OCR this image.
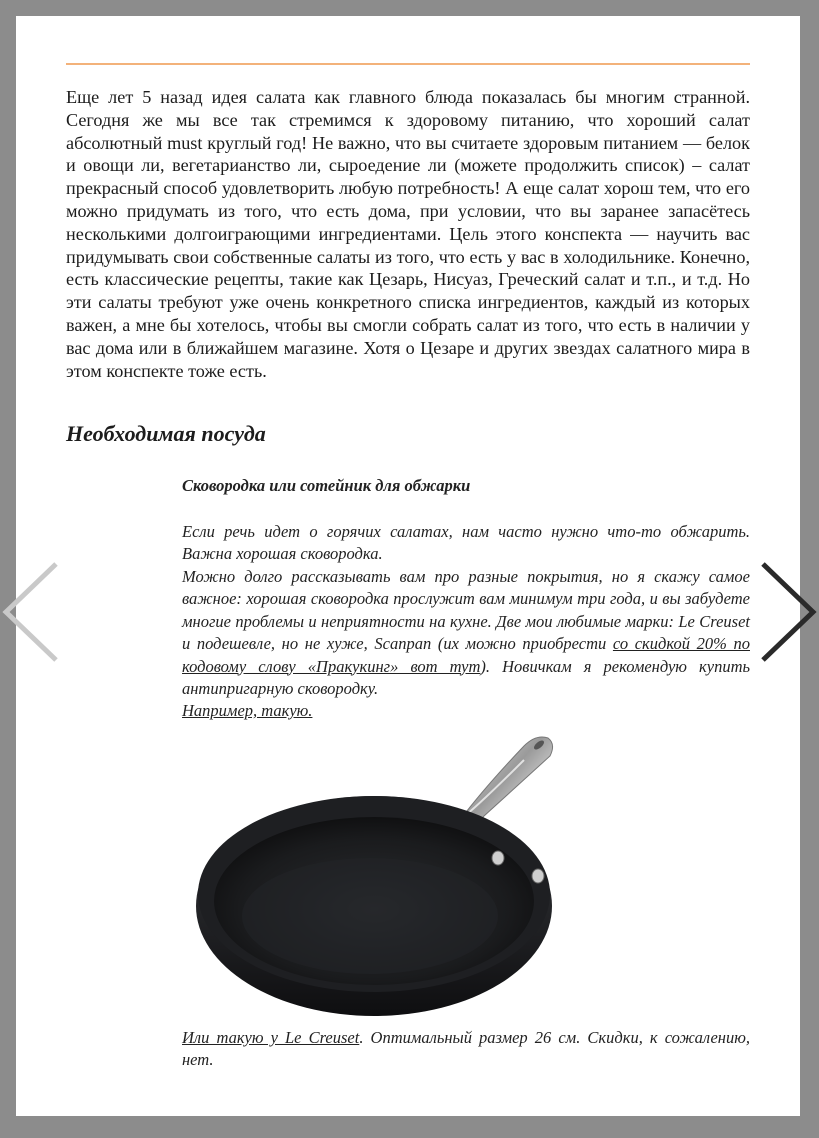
Еще лет 5 назад идея салата как главного блюда показалась бы многим странной. Сегодня же мы все так стремимся к здоровому питанию, что хороший салат абсолютный must круглый год! Не важно, что вы считаете здоровым питанием — белок и овощи ли, вегетарианство ли, сыроедение ли (можете продолжить список) – салат прекрасный способ удовлетворить любую потребность! А еще салат хорош тем, что его можно придумать из того, что есть дома, при условии, что вы заранее запасётесь несколькими долгоиграющими ингредиентами. Цель этого конспекта — научить вас придумывать свои собственные салаты из того, что есть у вас в холодильнике. Конечно, есть классические рецепты, такие как Цезарь, Нисуаз, Греческий салат и т.п., и т.д. Но эти салаты требуют уже очень конкретного списка ингредиентов, каждый из которых важен, а мне бы хотелось, чтобы вы смогли собрать салат из того, что есть в наличии у вас дома или в ближайшем магазине. Хотя о Цезаре и других звездах салатного мира в этом конспекте тоже есть.

Необходимая посуда
Сковородка или сотейник для обжарки

Если речь идет о горячих салатах, нам часто нужно что-то обжарить. Важна хорошая сковородка.

Можно долго рассказывать вам про разные покрытия, но я скажу самое важное: хорошая сковородка прослужит вам минимум три года, и вы забудете многие проблемы и неприятности на кухне. Две мои любимые марки: Le Creuset и подешевле, но не хуже, Scanpan (их можно приобрести со скидкой 20% по кодовому слову «Пракукинг» вот тут). Новичкам я рекомендую купить антипригарную сковородку.

Например, такую.

Или такую у Le Creuset. Оптимальный размер 26 см. Скидки, к сожалению, нет.
